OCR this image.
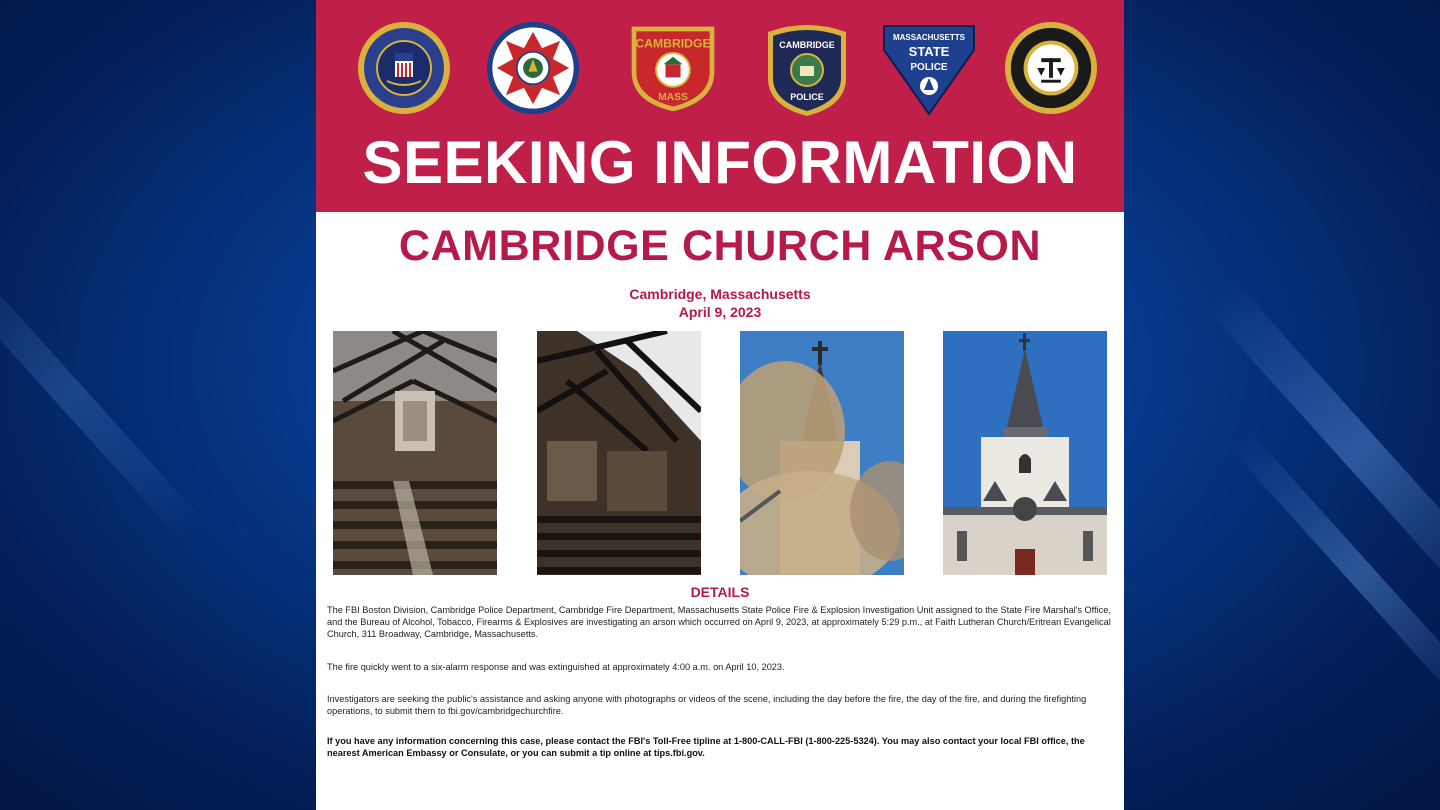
CAMBRIDGE
MASS
CAMBRIDGE
POLICE
MASSACHUSETTS
STATE
POLICE
SEEKING INFORMATION
CAMBRIDGE CHURCH ARSON
Cambridge, Massachusetts
April 9, 2023
DETAILS
The FBI Boston Division, Cambridge Police Department, Cambridge Fire Department, Massachusetts State Police Fire & Explosion Investigation Unit assigned to the State Fire Marshal's Office, and the Bureau of Alcohol, Tobacco, Firearms & Explosives are investigating an arson which occurred on April 9, 2023, at approximately 5:29 p.m., at Faith Lutheran Church/Eritrean Evangelical Church, 311 Broadway, Cambridge, Massachusetts.
The fire quickly went to a six-alarm response and was extinguished at approximately 4:00 a.m. on April 10, 2023.
Investigators are seeking the public's assistance and asking anyone with photographs or videos of the scene, including the day before the fire, the day of the fire, and during the firefighting operations, to submit them to fbi.gov/cambridgechurchfire.
If you have any information concerning this case, please contact the FBI's Toll-Free tipline at 1-800-CALL-FBI (1-800-225-5324). You may also contact your local FBI office, the nearest American Embassy or Consulate, or you can submit a tip online at tips.fbi.gov.
